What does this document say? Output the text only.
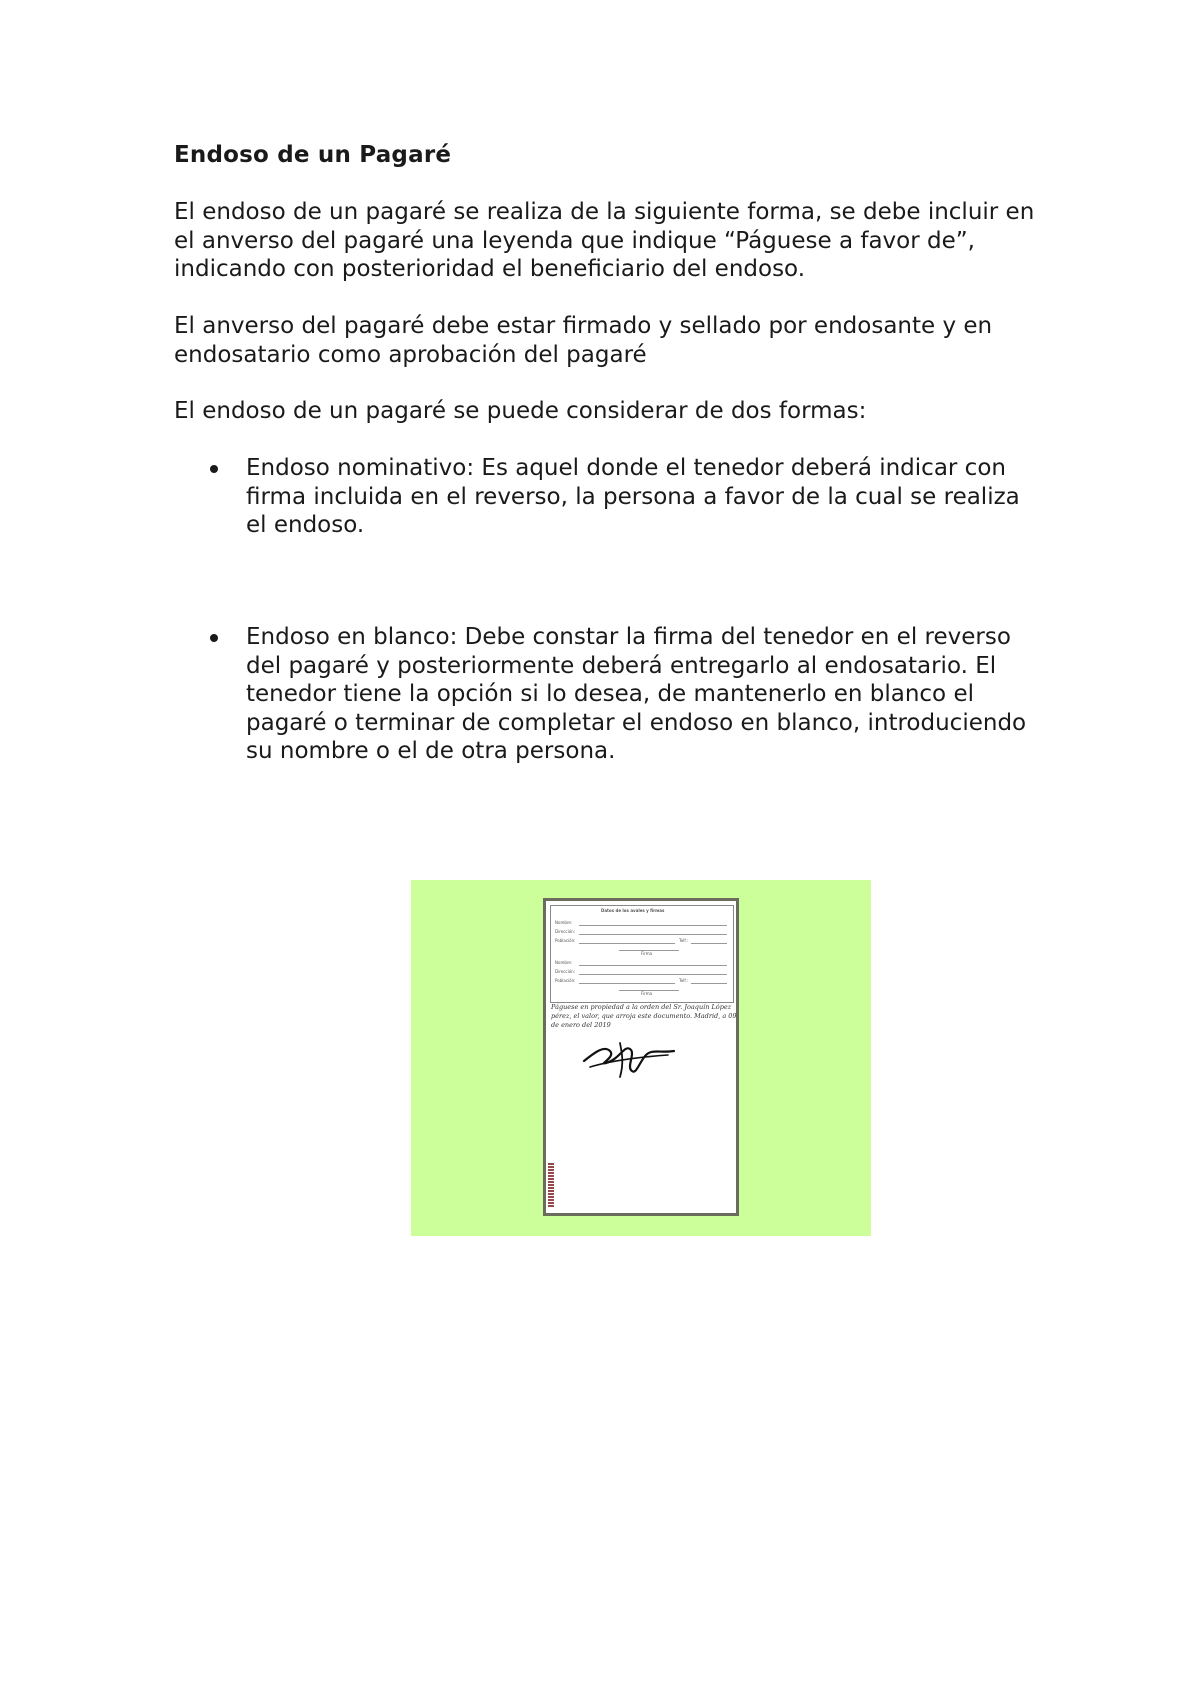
Endoso de un Pagaré

El endoso de un pagaré se realiza de la siguiente forma, se debe incluir en el anverso del pagaré una leyenda que indique “Páguese a favor de”, indicando con posterioridad el beneficiario del endoso.

El anverso del pagaré debe estar firmado y sellado por endosante y en endosatario como aprobación del pagaré

El endoso de un pagaré se puede considerar de dos formas:

Endoso nominativo: Es aquel donde el tenedor deberá indicar con firma incluida en el reverso, la persona a favor de la cual se realiza el endoso.

Endoso en blanco: Debe constar la firma del tenedor en el reverso del pagaré y posteriormente deberá entregarlo al endosatario. El tenedor tiene la opción si lo desea, de mantenerlo en blanco el pagaré o terminar de completar el endoso en blanco, introduciendo su nombre o el de otra persona.

Datos de los avales y firmas
Nombre:
Dirección:
Población:	Telf.:
Firma
Nombre:
Dirección:
Población:	Telf.:
Firma
Páguese en propiedad a la orden del Sr. Joaquín López pérez, el valor, que arroja este documento. Madrid, a 09 de enero del 2019
